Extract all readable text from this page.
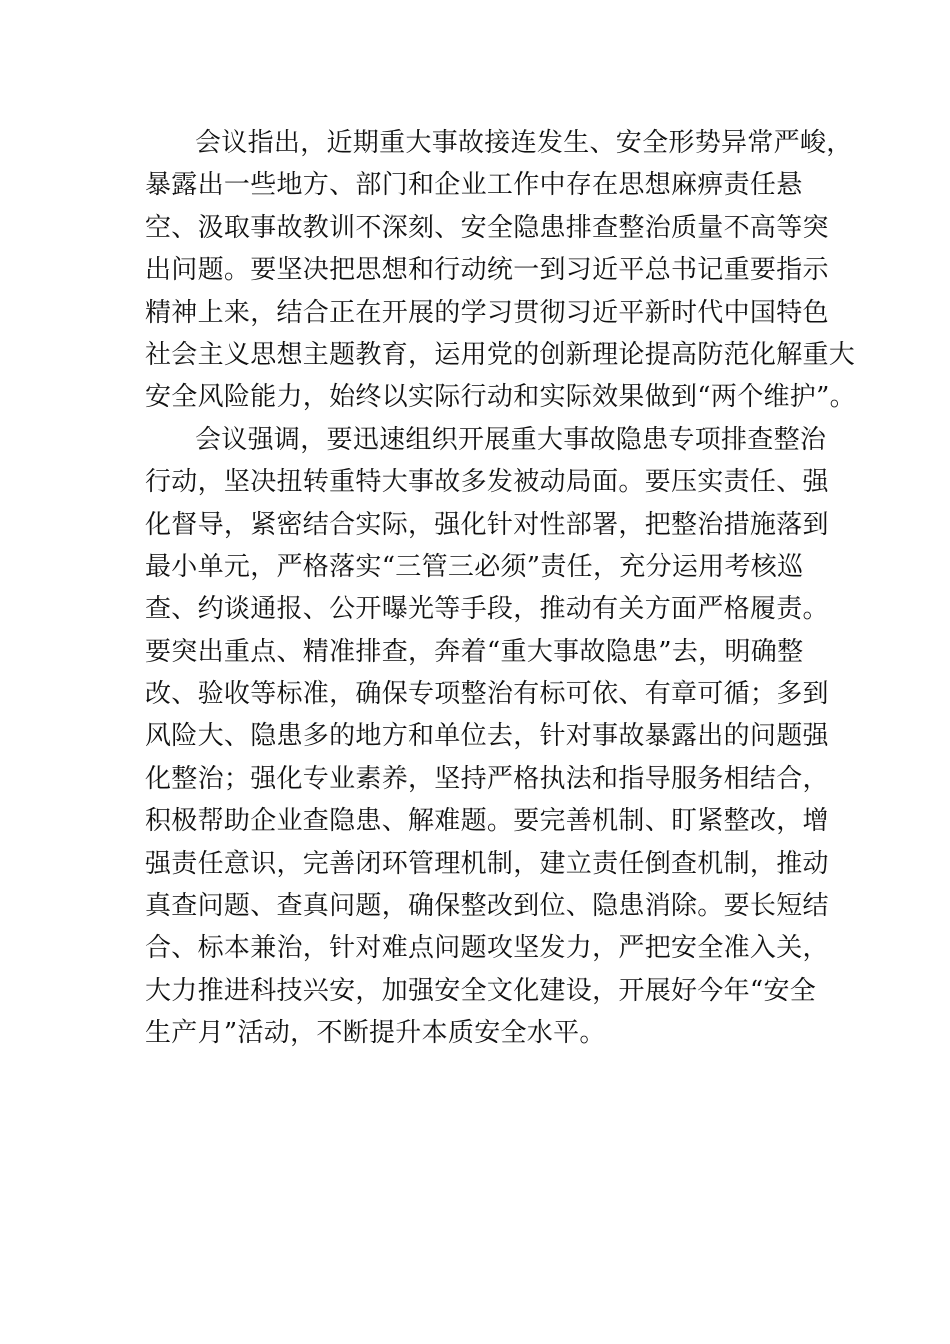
会议指出，近期重大事故接连发生、安全形势异常严峻，
暴露出一些地方、部门和企业工作中存在思想麻痹责任悬
空、汲取事故教训不深刻、安全隐患排查整治质量不高等突
出问题。要坚决把思想和行动统一到习近平总书记重要指示
精神上来，结合正在开展的学习贯彻习近平新时代中国特色
社会主义思想主题教育，运用党的创新理论提高防范化解重大
安全风险能力，始终以实际行动和实际效果做到“两个维护”。
会议强调，要迅速组织开展重大事故隐患专项排查整治
行动，坚决扭转重特大事故多发被动局面。要压实责任、强
化督导，紧密结合实际，强化针对性部署，把整治措施落到
最小单元，严格落实“三管三必须”责任，充分运用考核巡
查、约谈通报、公开曝光等手段，推动有关方面严格履责。
要突出重点、精准排查，奔着“重大事故隐患”去，明确整
改、验收等标准，确保专项整治有标可依、有章可循；多到
风险大、隐患多的地方和单位去，针对事故暴露出的问题强
化整治；强化专业素养，坚持严格执法和指导服务相结合，
积极帮助企业查隐患、解难题。要完善机制、盯紧整改，增
强责任意识，完善闭环管理机制，建立责任倒查机制，推动
真查问题、查真问题，确保整改到位、隐患消除。要长短结
合、标本兼治，针对难点问题攻坚发力，严把安全准入关，
大力推进科技兴安，加强安全文化建设，开展好今年“安全
生产月”活动，不断提升本质安全水平。
